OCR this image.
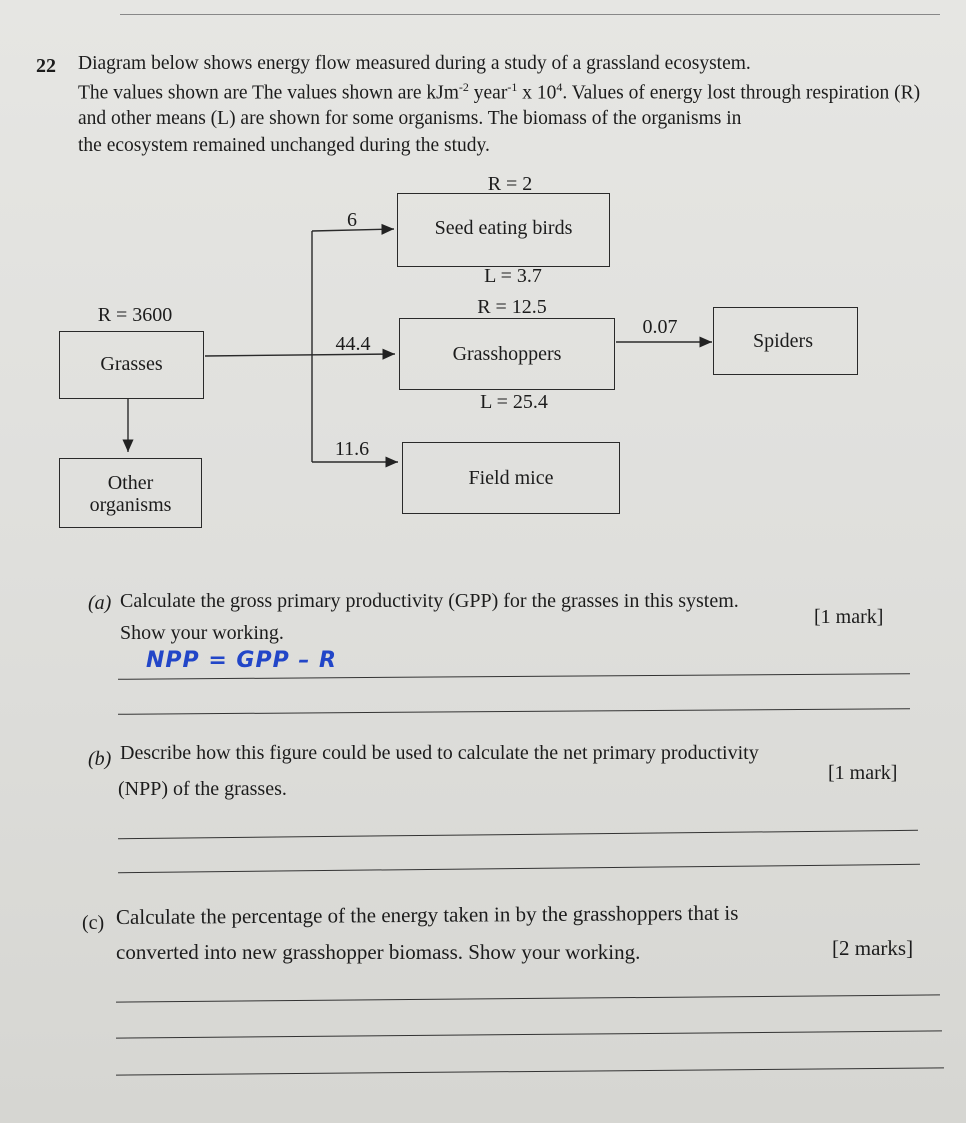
22 Diagram below shows energy flow measured during a study of a grassland ecosystem.
The values shown are The values shown are kJm$^{-2}$ year$^{-1}$ x $10^4$. Values of energy lost through respiration (R)
and other means (L) are shown for some organisms. The biomass of the organisms in
the ecosystem remained unchanged during the study.
Seed eating birds
Grasses	Grasshoppers
Spiders
Other
organisms
Field mice
R = 2
6
L = 3.7
R = 3600	R = 12.5
44.4
0.07
L = 25.4
11.6
(a) Calculate the gross primary productivity (GPP) for the grasses in this system.
[1 mark]
Show your working.
NPP = GPP – R
(b) Describe how this figure could be used to calculate the net primary productivity
[1 mark]
(NPP) of the grasses.
(c) Calculate the percentage of the energy taken in by the grasshoppers that is
converted into new grasshopper biomass. Show your working.	[2 marks]
